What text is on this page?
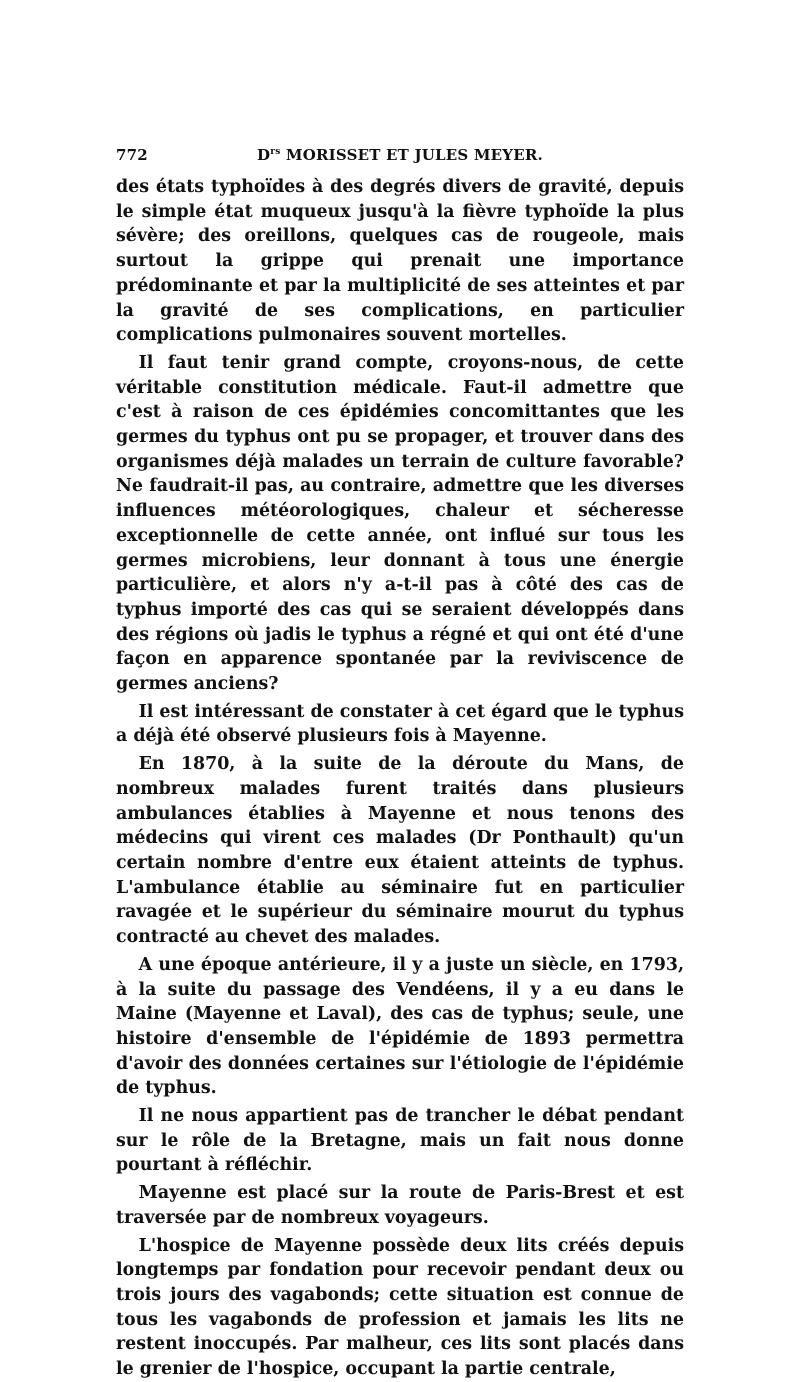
772	$D^{rs}$ MORISSET ET JULES MEYER.

des états typhoïdes à des degrés divers de gravité, depuis le simple état muqueux jusqu'à la fièvre typhoïde la plus sévère; des oreillons, quelques cas de rougeole, mais surtout la grippe qui prenait une importance prédominante et par la multiplicité de ses atteintes et par la gravité de ses complications, en particulier complications pulmonaires souvent mortelles.

Il faut tenir grand compte, croyons-nous, de cette véritable constitution médicale. Faut-il admettre que c'est à raison de ces épidémies concomittantes que les germes du typhus ont pu se propager, et trouver dans des organismes déjà malades un terrain de culture favorable? Ne faudrait-il pas, au contraire, admettre que les diverses influences météorologiques, chaleur et sécheresse exceptionnelle de cette année, ont influé sur tous les germes microbiens, leur donnant à tous une énergie particulière, et alors n'y a-t-il pas à côté des cas de typhus importé des cas qui se seraient développés dans des régions où jadis le typhus a régné et qui ont été d'une façon en apparence spontanée par la reviviscence de germes anciens?

Il est intéressant de constater à cet égard que le typhus a déjà été observé plusieurs fois à Mayenne.

En 1870, à la suite de la déroute du Mans, de nombreux malades furent traités dans plusieurs ambulances établies à Mayenne et nous tenons des médecins qui virent ces malades (Dr Ponthault) qu'un certain nombre d'entre eux étaient atteints de typhus. L'ambulance établie au séminaire fut en particulier ravagée et le supérieur du séminaire mourut du typhus contracté au chevet des malades.

A une époque antérieure, il y a juste un siècle, en 1793, à la suite du passage des Vendéens, il y a eu dans le Maine (Mayenne et Laval), des cas de typhus; seule, une histoire d'ensemble de l'épidémie de 1893 permettra d'avoir des données certaines sur l'étiologie de l'épidémie de typhus.

Il ne nous appartient pas de trancher le débat pendant sur le rôle de la Bretagne, mais un fait nous donne pourtant à réfléchir.

Mayenne est placé sur la route de Paris-Brest et est traversée par de nombreux voyageurs.

L'hospice de Mayenne possède deux lits créés depuis longtemps par fondation pour recevoir pendant deux ou trois jours des vagabonds; cette situation est connue de tous les vagabonds de profession et jamais les lits ne restent inoccupés. Par malheur, ces lits sont placés dans le grenier de l'hospice, occupant la partie centrale,
